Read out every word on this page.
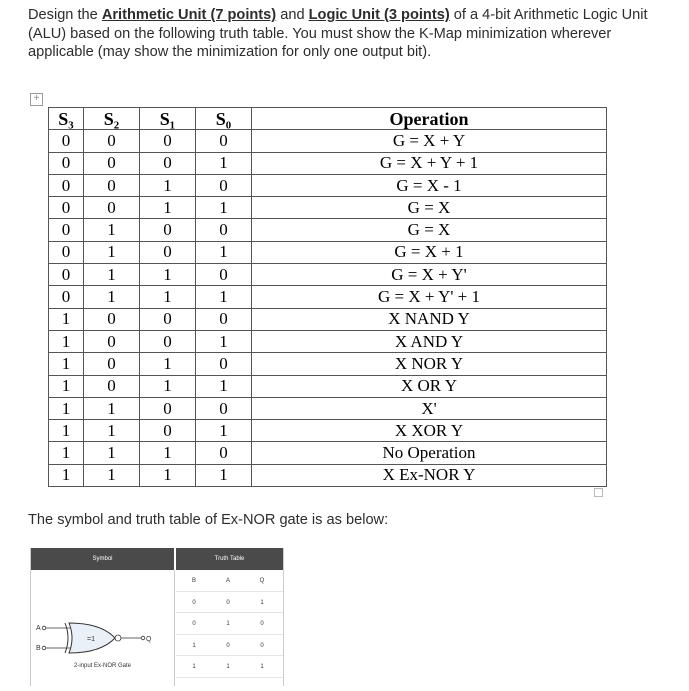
Design the Arithmetic Unit (7 points) and Logic Unit (3 points) of a 4-bit Arithmetic Logic Unit (ALU) based on the following truth table. You must show the K-Map minimization wherever applicable (may show the minimization for only one output bit).
+
S₃	S₂	S₁	S₀	Operation
0	0	0	0	G = X + Y
0	0	0	1	G = X + Y + 1
0	0	1	0	G = X - 1
0	0	1	1	G = X
0	1	0	0	G = X
0	1	0	1	G = X + 1
0	1	1	0	G = X + Y'
0	1	1	1	G = X + Y' + 1
1	0	0	0	X NAND Y
1	0	0	1	X AND Y
1	0	1	0	X NOR Y
1	0	1	1	X OR Y
1	1	0	0	X'
1	1	0	1	X XOR Y
1	1	1	0	No Operation
1	1	1	1	X Ex-NOR Y
The symbol and truth table of Ex-NOR gate is as below:
Symbol	Truth Table
A
B
=1	Q
2-input Ex-NOR Gate
B	A	Q
0	0	1
0	1	0
1	0	0
1	1	1
